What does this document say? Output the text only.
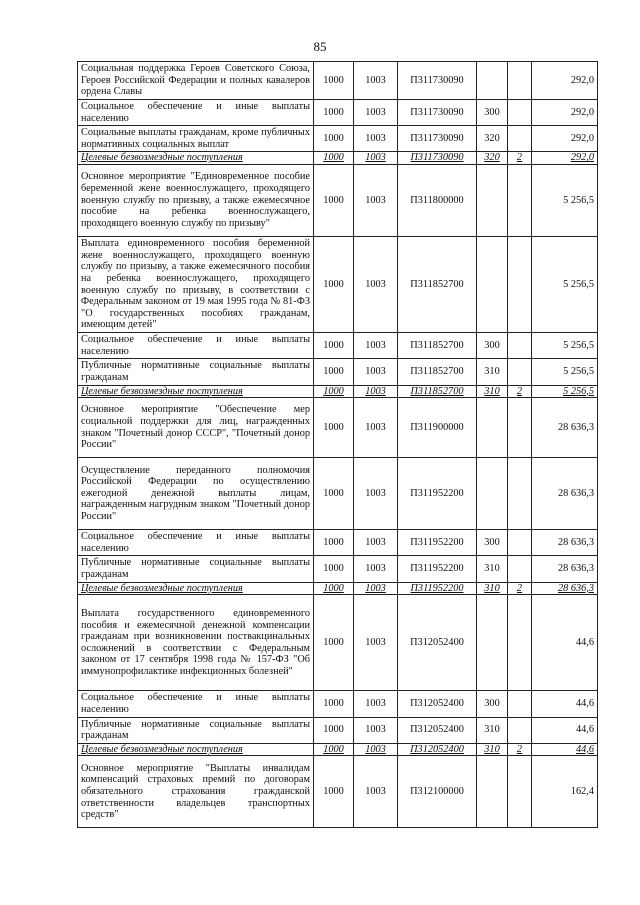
85
Социальная поддержка Героев Советского Союза, Героев Российской Федерации и полных кавалеров ордена Славы	1000	1003	П311730090			292,0
Социальное обеспечение и иные выплаты населению	1000	1003	П311730090	300		292,0
Социальные выплаты гражданам, кроме публичных нормативных социальных выплат	1000	1003	П311730090	320		292,0
Целевые безвозмездные поступления	1000	1003	П311730090	320	2	292,0
Основное мероприятие "Единовременное пособие беременной жене военнослужащего, проходящего военную службу по призыву, а также ежемесячное пособие на ребенка военнослужащего, проходящего военную службу по призыву"	1000	1003	П311800000			5 256,5
Выплата единовременного пособия беременной жене военнослужащего, проходящего военную службу по призыву, а также ежемесячного пособия на ребенка военнослужащего, проходящего военную службу по призыву, в соответствии с Федеральным законом от 19 мая 1995 года № 81-ФЗ "О государственных пособиях гражданам, имеющим детей"	1000	1003	П311852700			5 256,5
Социальное обеспечение и иные выплаты населению	1000	1003	П311852700	300		5 256,5
Публичные нормативные социальные выплаты гражданам	1000	1003	П311852700	310		5 256,5
Целевые безвозмездные поступления	1000	1003	П311852700	310	2	5 256,5
Основное мероприятие "Обеспечение мер социальной поддержки для лиц, награжденных знаком "Почетный донор СССР", "Почетный донор России"	1000	1003	П311900000			28 636,3
Осуществление переданного полномочия Российской Федерации по осуществлению ежегодной денежной выплаты лицам, награжденным нагрудным знаком "Почетный донор России"	1000	1003	П311952200			28 636,3
Социальное обеспечение и иные выплаты населению	1000	1003	П311952200	300		28 636,3
Публичные нормативные социальные выплаты гражданам	1000	1003	П311952200	310		28 636,3
Целевые безвозмездные поступления	1000	1003	П311952200	310	2	28 636,3
Выплата государственного единовременного пособия и ежемесячной денежной компенсации гражданам при возникновении поствакцинальных осложнений в соответствии с Федеральным законом от 17 сентября 1998 года № 157-ФЗ "Об иммунопрофилактике инфекционных болезней"	1000	1003	П312052400			44,6
Социальное обеспечение и иные выплаты населению	1000	1003	П312052400	300		44,6
Публичные нормативные социальные выплаты гражданам	1000	1003	П312052400	310		44,6
Целевые безвозмездные поступления	1000	1003	П312052400	310	2	44,6
Основное мероприятие "Выплаты инвалидам компенсаций страховых премий по договорам обязательного страхования гражданской ответственности владельцев транспортных средств"	1000	1003	П312100000			162,4
